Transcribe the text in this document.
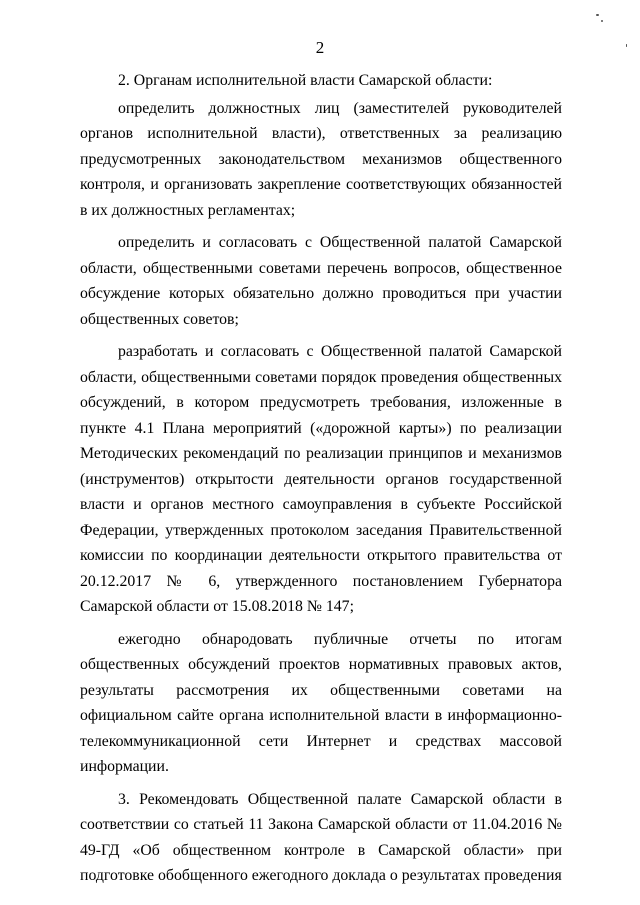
2

2. Органам исполнительной власти Самарской области:

определить должностных лиц (заместителей руководителей органов исполнительной власти), ответственных за реализацию предусмотренных законодательством механизмов общественного контроля, и организовать закрепление соответствующих обязанностей в их должностных регламентах;

определить и согласовать с Общественной палатой Самарской области, общественными советами перечень вопросов, общественное обсуждение которых обязательно должно проводиться при участии общественных советов;

разработать и согласовать с Общественной палатой Самарской области, общественными советами порядок проведения общественных обсуждений, в котором предусмотреть требования, изложенные в пункте 4.1 Плана мероприятий («дорожной карты») по реализации Методических рекомендаций по реализации принципов и механизмов (инструментов) открытости деятельности органов государственной власти и органов местного самоуправления в субъекте Российской Федерации, утвержденных протоколом заседания Правительственной комиссии по координации деятельности открытого правительства от 20.12.2017 № 6, утвержденного постановлением Губернатора Самарской области от 15.08.2018 № 147;

ежегодно обнародовать публичные отчеты по итогам общественных обсуждений проектов нормативных правовых актов, результаты рассмотрения их общественными советами на официальном сайте органа исполнительной власти в информационно-телекоммуникационной сети Интернет и средствах массовой информации.

3. Рекомендовать Общественной палате Самарской области в соответствии со статьей 11 Закона Самарской области от 11.04.2016 № 49-ГД «Об общественном контроле в Самарской области» при подготовке обобщенного ежегодного доклада о результатах проведения
